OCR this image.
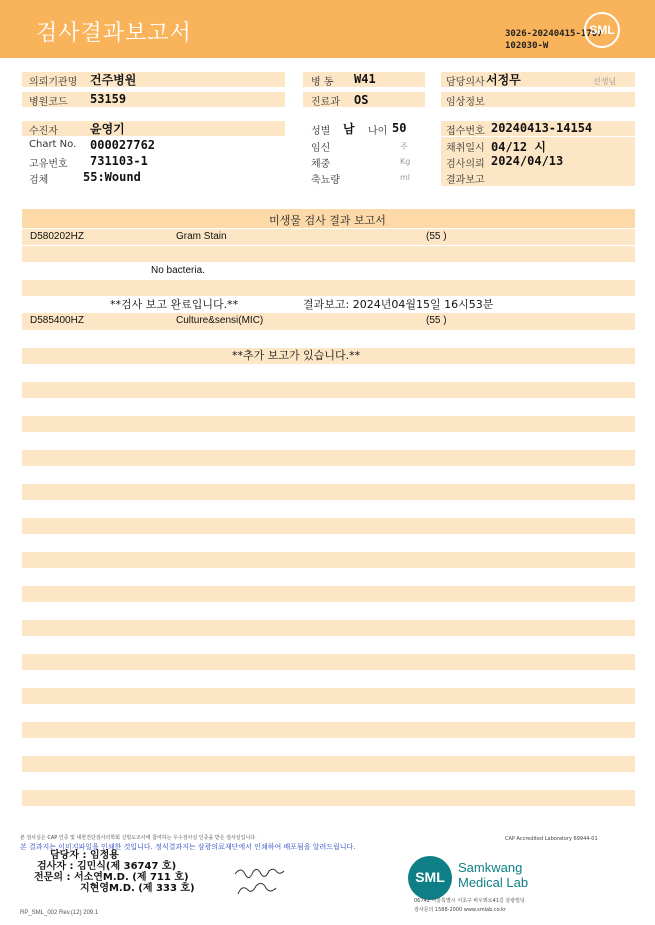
검사결과보고서	3026-20240415-1707
102030-W
SML
의뢰기관명 건주병원	병 동 W41	담당의사 서정무	선생님
병원코드 53159	진료과 OS	임상정보
수진자	윤영기	성별 남 나이 50	접수번호 20240413-14154
Chart No. 000027762	임신	주	채취일시 04/12 시
고유번호 731103-1	체중	Kg	검사의뢰 2024/04/13
검체	55:Wound	축뇨량	ml	결과보고
미생물 검사 결과 보고서
D580202HZ	Gram Stain	(55 )
No bacteria.
**검사 보고 완료입니다.**	결과보고: 2024년04월15일 16시53분
D585400HZ	Culture&sensi(MIC)	(55 )
**추가 보고가 있습니다.**
본 검사실은 CAP 인증 및 대한진단검사의학회 신빙도조사에 참여하는 우수검사실 인증을 받은 검사실입니다.	CAP Accredited Laboratory 69944-01
본 결과지는 이미지파일을 인쇄한 것입니다. 정식결과지는 삼광의료재단에서 인쇄하여 배포됨을 알려드립니다.
담당자 : 임정용
검사자 : 김민식(제 36747 호)
전문의 : 서소연M.D. (제 711 호)
지현영M.D. (제 333 호)
SML
Samkwang
Medical Lab
06742 서울특별시 서초구 바우뫼로41길 삼광빌딩
검사문의 1588-2000 www.smlab.co.kr
RP_SML_002 Rev.(12) 209.1
